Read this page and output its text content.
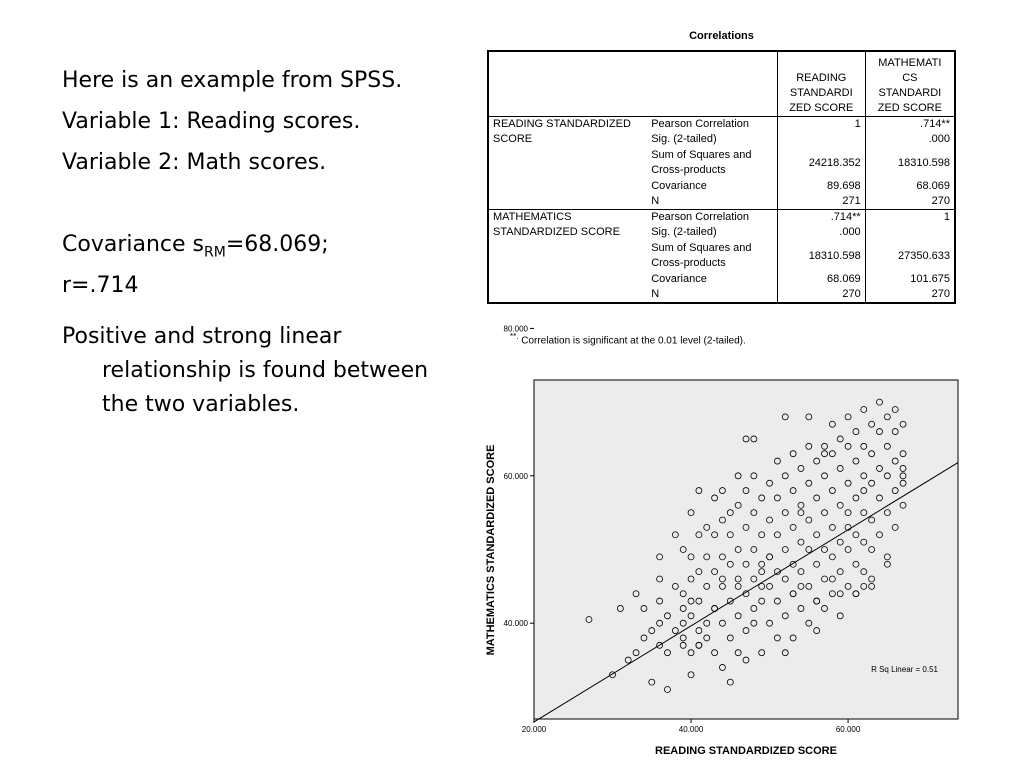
Here is an example from SPSS.
Variable 1: Reading scores.
Variable 2: Math scores.
Covariance $s_{RM}=68.069$;
r=.714
Positive and strong linear relationship is found between the two variables.
Correlations
		READING STANDARDI ZED SCORE	MATHEMATI CS STANDARDI ZED SCORE
READING STANDARDIZED SCORE	Pearson Correlation	1	.714**
	Sig. (2-tailed)		.000
	Sum of Squares and Cross-products	24218.352	18310.598
	Covariance	89.698	68.069
	N	271	270
MATHEMATICS STANDARDIZED SCORE	Pearson Correlation	.714**	1
	Sig. (2-tailed)	.000	
	Sum of Squares and Cross-products	18310.598	27350.633
	Covariance	68.069	101.675
	N	270	270
**. Correlation is significant at the 0.01 level (2-tailed).
20.000	40.000	60.000
40.000
60.000
80.000
R Sq Linear = 0.51
READING STANDARDIZED SCORE
MATHEMATICS STANDARDIZED SCORE
